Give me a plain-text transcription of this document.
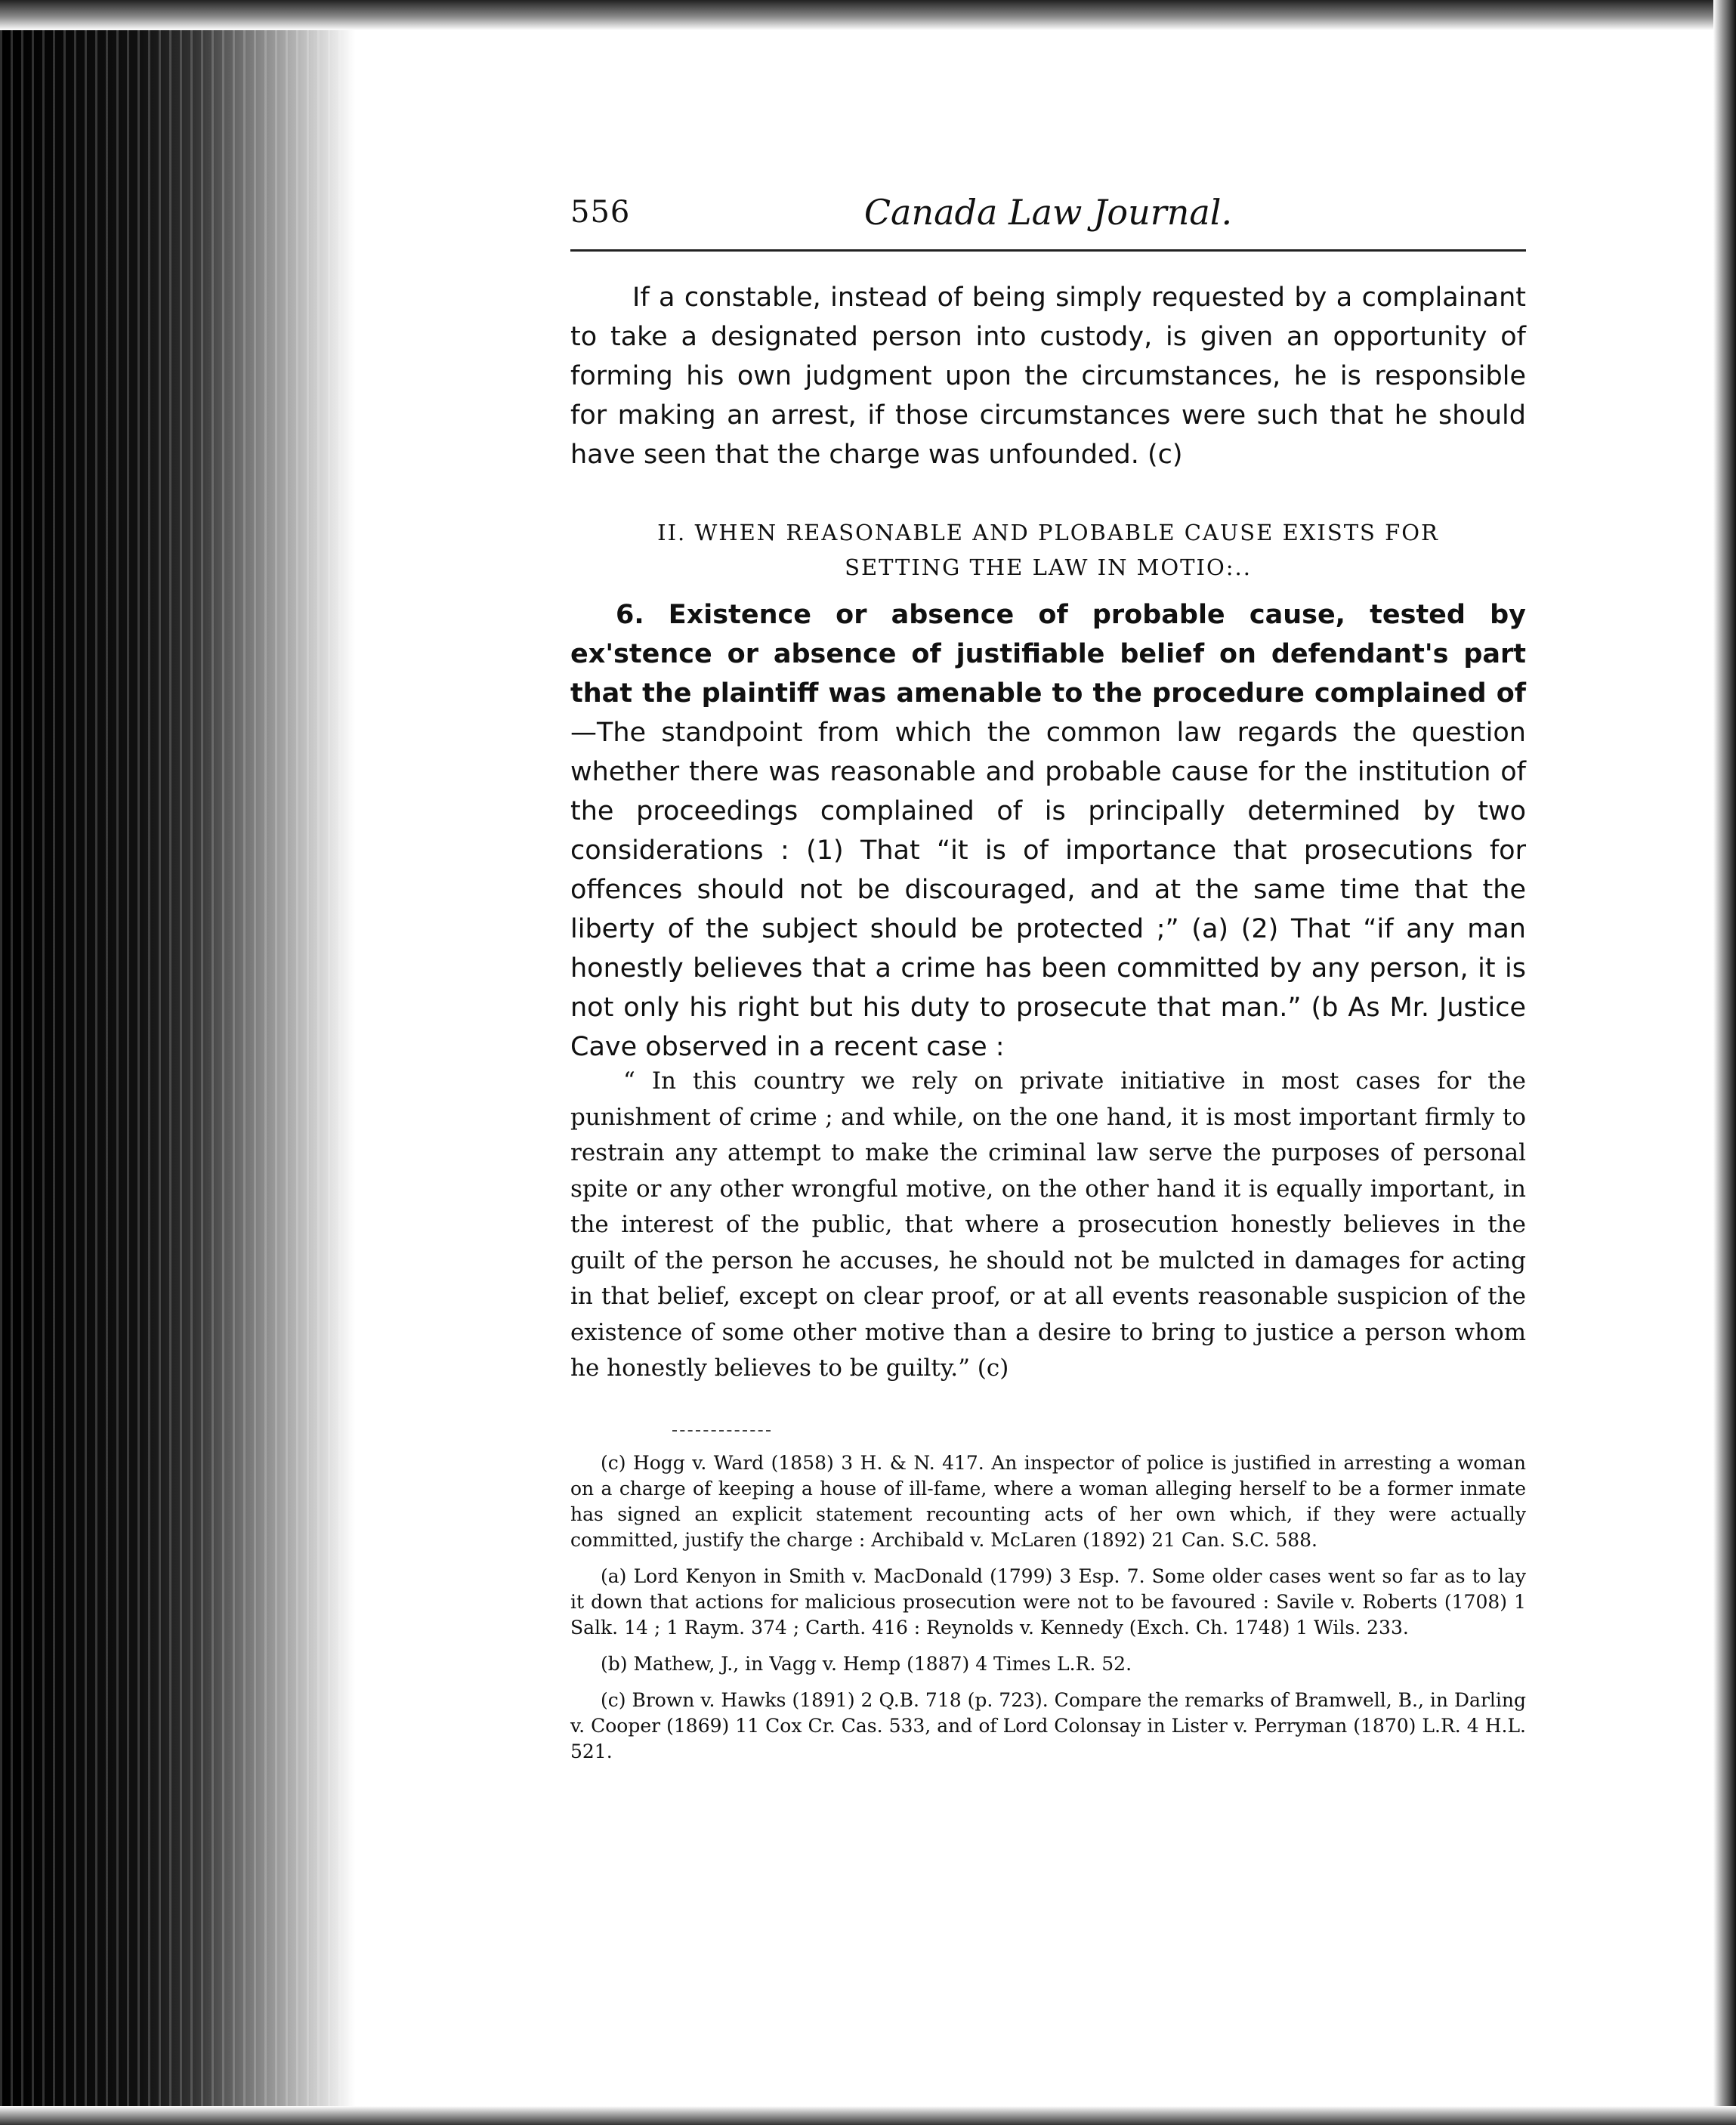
556	Canada Law Journal.

If a constable, instead of being simply requested by a complainant to take a designated person into custody, is given an opportunity of forming his own judgment upon the circumstances, he is responsible for making an arrest, if those circumstances were such that he should have seen that the charge was unfounded. (c)

II. WHEN REASONABLE AND PLOBABLE CAUSE EXISTS FOR
SETTING THE LAW IN MOTIO:..
6. Existence or absence of probable cause, tested by ex'stence or absence of justifiable belief on defendant's part that the plaintiff was amenable to the procedure complained of—The standpoint from which the common law regards the question whether there was reasonable and probable cause for the institution of the proceedings complained of is principally determined by two considerations : (1) That “it is of importance that prosecutions for offences should not be discouraged, and at the same time that the liberty of the subject should be protected ;” (a) (2) That “if any man honestly believes that a crime has been committed by any person, it is not only his right but his duty to prosecute that man.” (b As Mr. Justice Cave observed in a recent case :
“ In this country we rely on private initiative in most cases for the punishment of crime ; and while, on the one hand, it is most important firmly to restrain any attempt to make the criminal law serve the purposes of personal spite or any other wrongful motive, on the other hand it is equally important, in the interest of the public, that where a prosecution honestly believes in the guilt of the person he accuses, he should not be mulcted in damages for acting in that belief, except on clear proof, or at all events reasonable suspicion of the existence of some other motive than a desire to bring to justice a person whom he honestly believes to be guilty.” (c)

(c) Hogg v. Ward (1858) 3 H. & N. 417. An inspector of police is justified in arresting a woman on a charge of keeping a house of ill-fame, where a woman alleging herself to be a former inmate has signed an explicit statement recounting acts of her own which, if they were actually committed, justify the charge : Archibald v. McLaren (1892) 21 Can. S.C. 588.

(a) Lord Kenyon in Smith v. MacDonald (1799) 3 Esp. 7. Some older cases went so far as to lay it down that actions for malicious prosecution were not to be favoured : Savile v. Roberts (1708) 1 Salk. 14 ; 1 Raym. 374 ; Carth. 416 : Reynolds v. Kennedy (Exch. Ch. 1748) 1 Wils. 233.

(b) Mathew, J., in Vagg v. Hemp (1887) 4 Times L.R. 52.

(c) Brown v. Hawks (1891) 2 Q.B. 718 (p. 723). Compare the remarks of Bramwell, B., in Darling v. Cooper (1869) 11 Cox Cr. Cas. 533, and of Lord Colonsay in Lister v. Perryman (1870) L.R. 4 H.L. 521.
